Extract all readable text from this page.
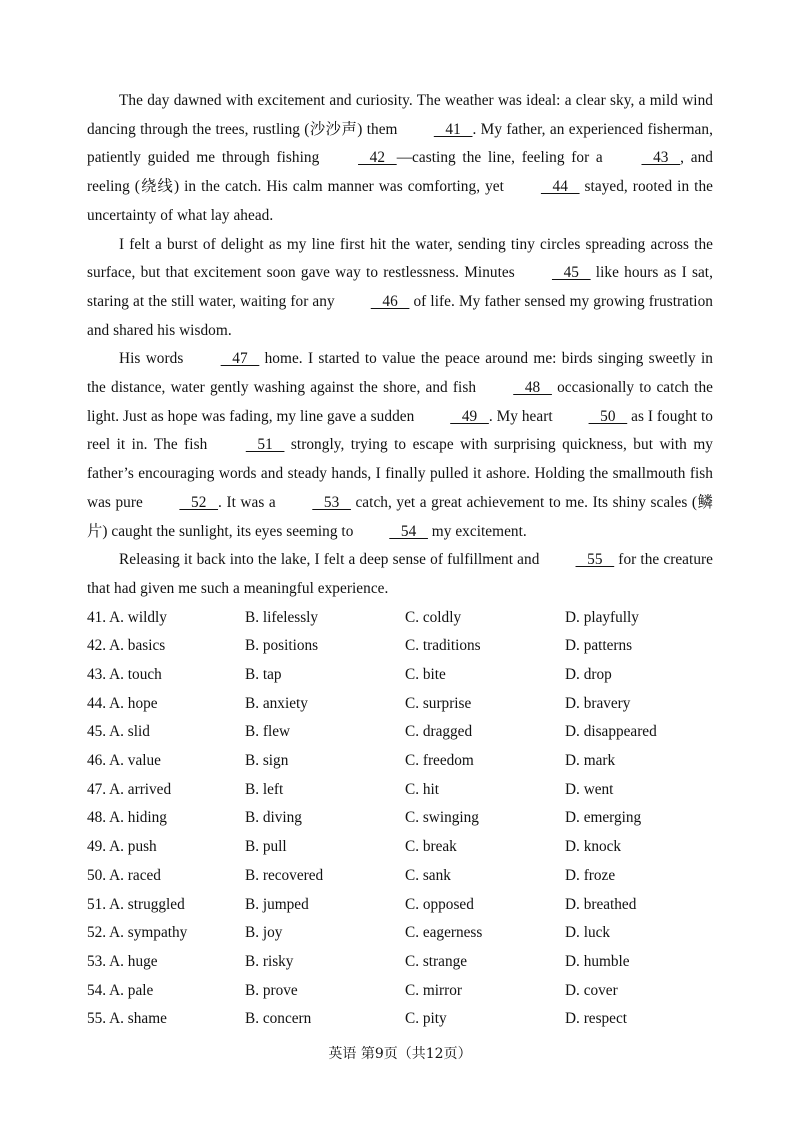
The day dawned with excitement and curiosity. The weather was ideal: a clear sky, a mild wind dancing through the trees, rustling (沙沙声) them    41   . My father, an experienced fisherman, patiently guided me through fishing    42   —casting the line, feeling for a    43   , and reeling (绕线) in the catch. His calm manner was comforting, yet    44    stayed, rooted in the uncertainty of what lay ahead.

I felt a burst of delight as my line first hit the water, sending tiny circles spreading across the surface, but that excitement soon gave way to restlessness. Minutes    45    like hours as I sat, staring at the still water, waiting for any    46    of life. My father sensed my growing frustration and shared his wisdom.

His words    47    home. I started to value the peace around me: birds singing sweetly in the distance, water gently washing against the shore, and fish    48    occasionally to catch the light. Just as hope was fading, my line gave a sudden    49   . My heart    50    as I fought to reel it in. The fish    51    strongly, trying to escape with surprising quickness, but with my father’s encouraging words and steady hands, I finally pulled it ashore. Holding the smallmouth fish was pure    52   . It was a    53    catch, yet a great achievement to me. Its shiny scales (鳞片) caught the sunlight, its eyes seeming to    54    my excitement.

Releasing it back into the lake, I felt a deep sense of fulfillment and    55    for the creature that had given me such a meaningful experience.

41. A. wildly	B. lifelessly	C. coldly	D. playfully
42. A. basics	B. positions	C. traditions	D. patterns
43. A. touch	B. tap	C. bite	D. drop
44. A. hope	B. anxiety	C. surprise	D. bravery
45. A. slid	B. flew	C. dragged	D. disappeared
46. A. value	B. sign	C. freedom	D. mark
47. A. arrived	B. left	C. hit	D. went
48. A. hiding	B. diving	C. swinging	D. emerging
49. A. push	B. pull	C. break	D. knock
50. A. raced	B. recovered	C. sank	D. froze
51. A. struggled	B. jumped	C. opposed	D. breathed
52. A. sympathy	B. joy	C. eagerness	D. luck
53. A. huge	B. risky	C. strange	D. humble
54. A. pale	B. prove	C. mirror	D. cover
55. A. shame	B. concern	C. pity	D. respect
英语 第9页（共12页）
